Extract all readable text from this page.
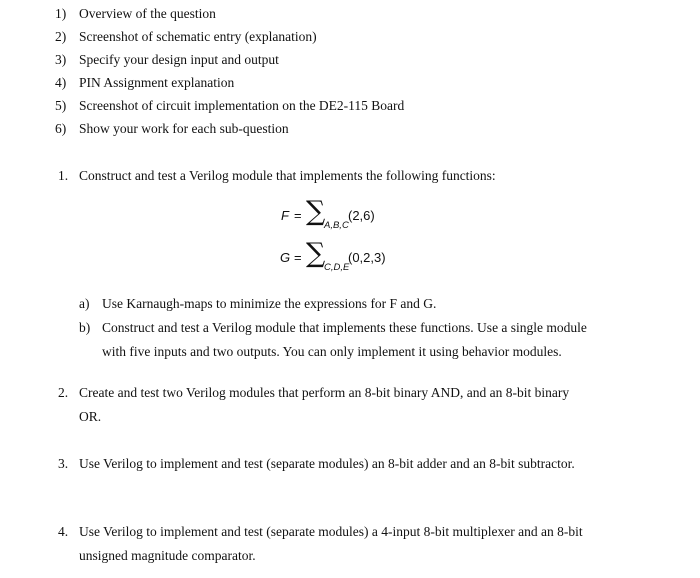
1) Overview of the question
2) Screenshot of schematic entry (explanation)
3) Specify your design input and output
4) PIN Assignment explanation
5) Screenshot of circuit implementation on the DE2-115 Board
6) Show your work for each sub-question
1. Construct and test a Verilog module that implements the following functions:
F = ∑
A,B,C
(2,6)
G = ∑
C,D,E
(0,2,3)
a) Use Karnaugh-maps to minimize the expressions for F and G.
b) Construct and test a Verilog module that implements these functions. Use a single module
with five inputs and two outputs. You can only implement it using behavior modules.
2. Create and test two Verilog modules that perform an 8-bit binary AND, and an 8-bit binary
OR.
3. Use Verilog to implement and test (separate modules) an 8-bit adder and an 8-bit subtractor.
4. Use Verilog to implement and test (separate modules) a 4-input 8-bit multiplexer and an 8-bit
unsigned magnitude comparator.
